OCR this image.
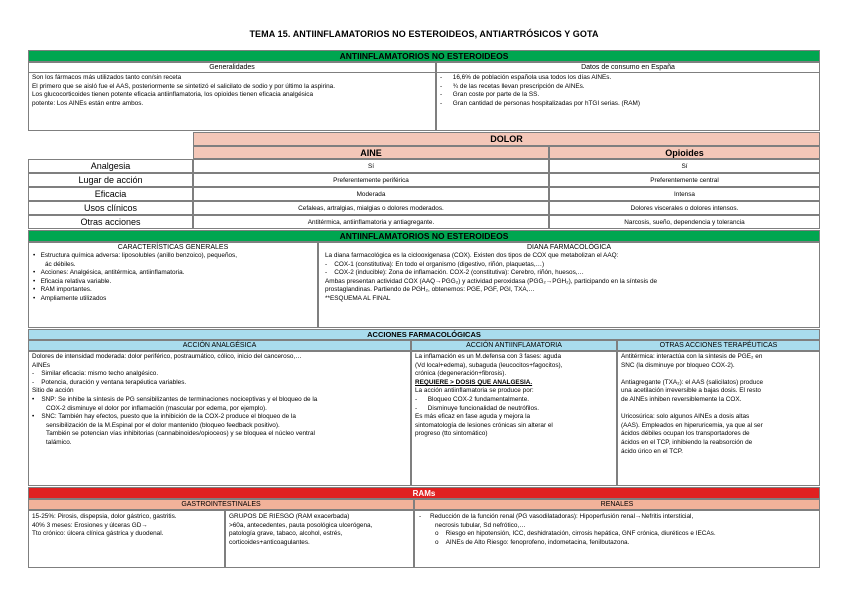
TEMA 15. ANTIINFLAMATORIOS NO ESTEROIDEOS, ANTIARTRÓSICOS Y GOTA
ANTIINFLAMATORIOS NO ESTEROIDEOS
Generalidades
Son los fármacos más utilizados tanto con/sin receta
El primero que se aisló fue el AAS, posteriormente se sintetizó el salicilato de sodio y por último la aspirina.
Los glucocorticoides tienen potente eficacia antiinflamatoria, los opioides tienen eficacia analgésica
potente: Los AINEs están entre ambos.
Datos de consumo en España
-      16,6% de población española usa todos los días AINEs.
-      ¾ de las recetas llevan prescripción de AINEs.
-      Gran coste por parte de la SS.
-      Gran cantidad de personas hospitalizadas por hTGI serias. (RAM)
DOLOR
AINE	Opioides
Analgesia	Sí	Sí
Lugar de acción	Preferentemente periférica	Preferentemente central
Eficacia	Moderada	Intensa
Usos clínicos	Cefaleas, artralgias, mialgias o dolores moderados.	Dolores viscerales o dolores intensos.
Otras acciones	Antitérmica, antiinflamatoria y antiagregante.	Narcosis, sueño, dependencia y tolerancia
ANTIINFLAMATORIOS NO ESTEROIDEOS
CARACTERÍSTICAS GENERALES
•   Estructura química adversa: liposolubles (anillo benzoico), pequeños,
ác débiles.
•   Acciones: Analgésica, antitérmica, antiinflamatoria.
•   Eficacia relativa variable.
•   RAM importantes.
•   Ampliamente utilizados
DIANA FARMACOLÓGICA
La diana farmacológica es la ciclooxigenasa (COX). Existen dos tipos de COX que metabolizan el AAQ:
-    COX-1 (constitutiva): En todo el organismo (digestivo, riñón, plaquetas,…)
-    COX-2 (inducible): Zona de inflamación. COX-2 (constitutiva): Cerebro, riñón, huesos,…
Ambas presentan actividad COX (AAQ→PGG₂) y actividad peroxidasa (PGG₂→PGH₂), participando en la síntesis de
prostaglandinas. Partiendo de PGH₂, obtenemos: PGE, PGF, PGI, TXA,…
**ESQUEMA AL FINAL
ACCIONES FARMACOLÓGICAS
ACCIÓN ANALGÉSICA	ACCIÓN ANTIINFLAMATORIA	OTRAS ACCIONES TERAPÉUTICAS
Dolores de intensidad moderada: dolor periférico, postraumático, cólico, inicio del canceroso,…
AINEs
-    Similar eficacia: mismo techo analgésico.
-    Potencia, duración y ventana terapéutica variables.
Sitio de acción
•    SNP: Se inhibe la síntesis de PG sensibilizantes de terminaciones nociceptivas y el bloqueo de la
COX-2 disminuye el dolor por inflamación (mascular por edema, por ejemplo).
•    SNC: También hay efectos, puesto que la inhibición de la COX-2 produce el bloqueo de la
sensibilización de la M.Espinal por el dolor mantenido (bloqueo feedback positivo).
También se potencian vías inhibitorias (cannabinoides/opioceos) y se bloquea el núcleo ventral
talámico.
La inflamación es un M.defensa con 3 fases: aguda
(Vd local+edema), subaguda (leucocitos+fagocitos),
crónica (degeneración+fibrosis).
REQUIERE > DOSIS QUE ANALGESIA.
La acción antiinflamatoria se produce por:
-      Bloqueo COX-2 fundamentalmente.
-      Disminuye funcionalidad de neutrófilos.
Es más eficaz en fase aguda y mejora la
sintomatología de lesiones crónicas sin alterar el
progreso (tto sintomático)
Antitérmica: interactúa con la síntesis de PGE₂ en
SNC (la disminuye por bloqueo COX-2).

Antiagregante (TXA₂): el AAS (salicilatos) produce
una acetilación irreversible a bajas dosis. El resto
de AINEs inhiben reversiblemente la COX.

Uricosúrica: solo algunos AINEs a dosis altas
(AAS). Empleados en hiperuricemia, ya que al ser
ácidos débiles ocupan los transportadores de
ácidos en el TCP, inhibiendo la reabsorción de
ácido úrico en el TCP.
RAMs
GASTROINTESTINALES	RENALES
15-25%: Pirosis, dispepsia, dolor gástrico, gastritis.
40% 3 meses: Erosiones y úlceras GD→
Tto crónico: úlcera clínica gástrica y duodenal.
GRUPOS DE RIESGO (RAM exacerbada)
>60a, antecedentes, pauta posológica ulcerógena,
patología grave, tabaco, alcohol, estrés,
corticoides+anticoagulantes.
-     Reducción de la función renal (PG vasodilatadoras): Hipoperfusión renal→Nefritis intersticial,
necrosis tubular, Sd nefrótico,…
o    Riesgo en hipotensión, ICC, deshidratación, cirrosis hepática, GNF crónica, diuréticos e IECAs.
o    AINEs de Alto Riesgo: fenoprofeno, indometacina, fenilbutazona.
